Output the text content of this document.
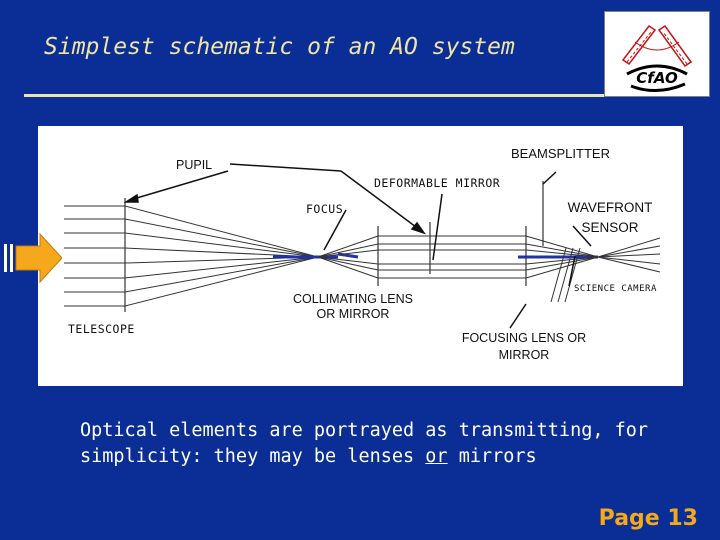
Simplest schematic of an AO system
CfAO
PUPIL
BEAMSPLITTER
DEFORMABLE MIRROR
FOCUS	WAVEFRONT
SENSOR
SCIENCE CAMERA
COLLIMATING LENS
OR MIRROR
TELESCOPE
FOCUSING LENS OR
MIRROR

Optical elements are portrayed as transmitting, for
simplicity: they may be lenses or mirrors

Page 13
